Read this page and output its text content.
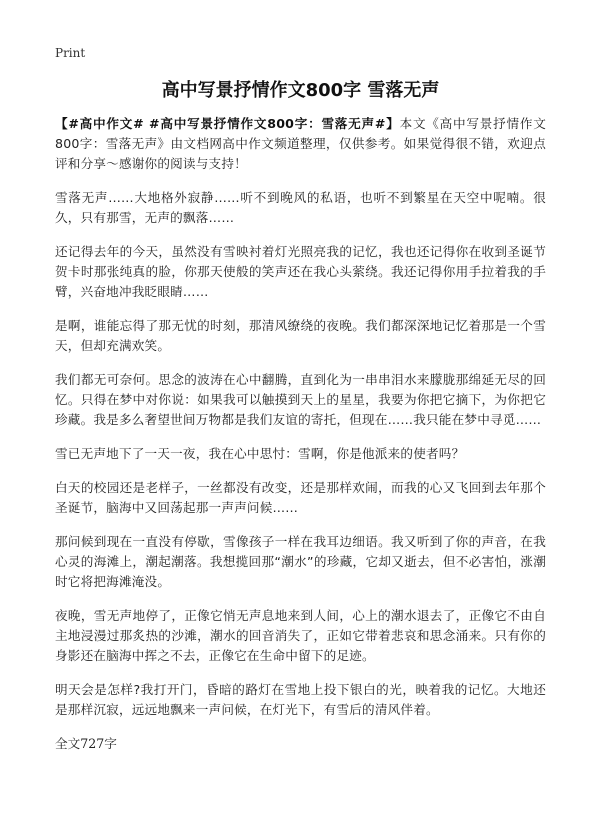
Print
高中写景抒情作文800字 雪落无声

【#高中作文# #高中写景抒情作文800字：雪落无声#】本文《高中写景抒情作文800字：雪落无声》由文档网高中作文频道整理，仅供参考。如果觉得很不错，欢迎点评和分享～感谢你的阅读与支持！

雪落无声……大地格外寂静……听不到晚风的私语，也听不到繁星在天空中呢喃。很久，只有那雪，无声的飘落……

还记得去年的今天，虽然没有雪映衬着灯光照亮我的记忆，我也还记得你在收到圣诞节贺卡时那张纯真的脸，你那天使般的笑声还在我心头萦绕。我还记得你用手拉着我的手臂，兴奋地冲我眨眼睛……

是啊，谁能忘得了那无忧的时刻，那清风缭绕的夜晚。我们都深深地记忆着那是一个雪天，但却充满欢笑。

我们都无可奈何。思念的波涛在心中翻腾，直到化为一串串泪水来朦胧那绵延无尽的回忆。只得在梦中对你说：如果我可以触摸到天上的星星，我要为你把它摘下，为你把它珍藏。我是多么奢望世间万物都是我们友谊的寄托，但现在……我只能在梦中寻觅……

雪已无声地下了一天一夜，我在心中思忖：雪啊，你是他派来的使者吗？

白天的校园还是老样子，一丝都没有改变，还是那样欢闹，而我的心又飞回到去年那个圣诞节，脑海中又回荡起那一声声问候……

那问候到现在一直没有停歇，雪像孩子一样在我耳边细语。我又听到了你的声音，在我心灵的海滩上，潮起潮落。我想揽回那“潮水”的珍藏，它却又逝去，但不必害怕，涨潮时它将把海滩淹没。

夜晚，雪无声地停了，正像它悄无声息地来到人间，心上的潮水退去了，正像它不由自主地浸漫过那炙热的沙滩，潮水的回音消失了，正如它带着悲哀和思念涌来。只有你的身影还在脑海中挥之不去，正像它在生命中留下的足迹。

明天会是怎样?我打开门，昏暗的路灯在雪地上投下银白的光，映着我的记忆。大地还是那样沉寂，远远地飘来一声问候，在灯光下，有雪后的清风伴着。

全文727字
